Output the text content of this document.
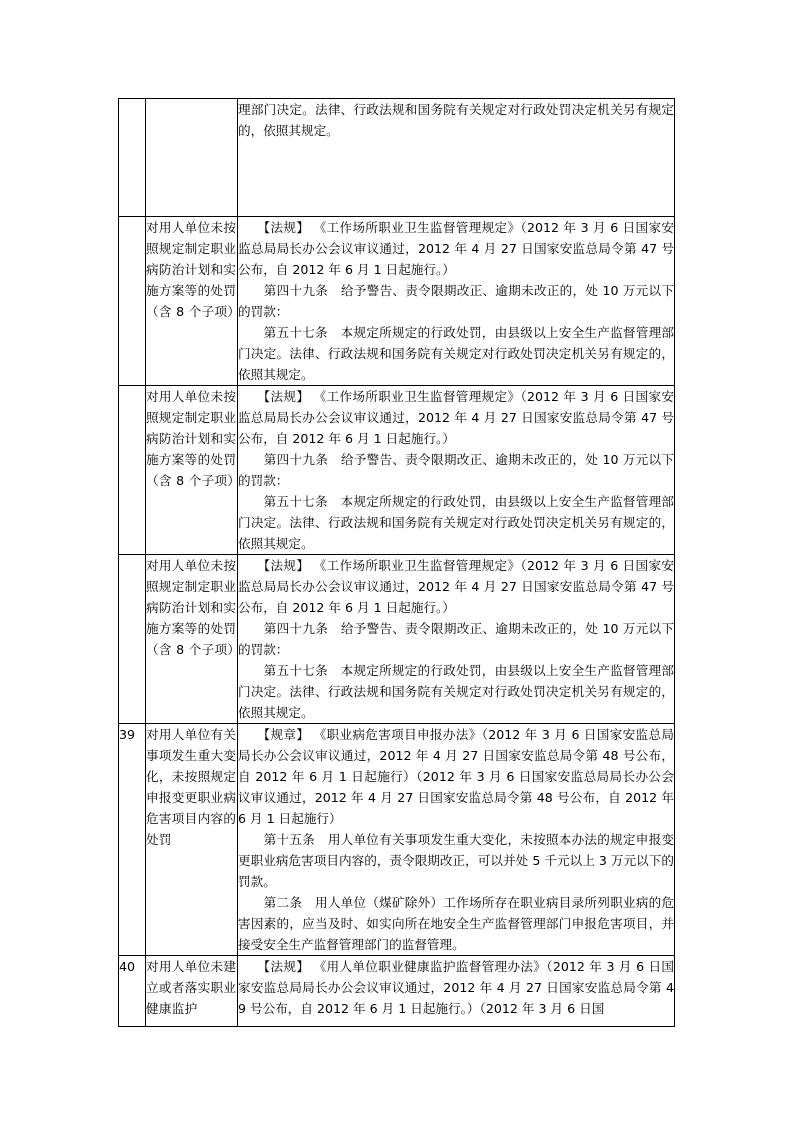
		理部门决定。法律、行政法规和国务院有关规定对行政处罚决定机关另有规定的，依照其规定。

	对用人单位未按照规定制定职业病防治计划和实施方案等的处罚（含 8 个子项）	　　【法规】 《工作场所职业卫生监督管理规定》（2012 年 3 月 6 日国家安监总局局长办公会议审议通过，2012 年 4 月 27 日国家安监总局令第 47 号公布，自 2012 年 6 月 1 日起施行。）
　　第四十九条　给予警告、责令限期改正、逾期未改正的，处 10 万元以下的罚款：
　　第五十七条　本规定所规定的行政处罚，由县级以上安全生产监督管理部门决定。法律、行政法规和国务院有关规定对行政处罚决定机关另有规定的，依照其规定。

	对用人单位未按照规定制定职业病防治计划和实施方案等的处罚（含 8 个子项）	　　【法规】 《工作场所职业卫生监督管理规定》（2012 年 3 月 6 日国家安监总局局长办公会议审议通过，2012 年 4 月 27 日国家安监总局令第 47 号公布，自 2012 年 6 月 1 日起施行。）
　　第四十九条　给予警告、责令限期改正、逾期未改正的，处 10 万元以下的罚款：
　　第五十七条　本规定所规定的行政处罚，由县级以上安全生产监督管理部门决定。法律、行政法规和国务院有关规定对行政处罚决定机关另有规定的，依照其规定。

	对用人单位未按照规定制定职业病防治计划和实施方案等的处罚（含 8 个子项）	　　【法规】 《工作场所职业卫生监督管理规定》（2012 年 3 月 6 日国家安监总局局长办公会议审议通过，2012 年 4 月 27 日国家安监总局令第 47 号公布，自 2012 年 6 月 1 日起施行。）
　　第四十九条　给予警告、责令限期改正、逾期未改正的，处 10 万元以下的罚款：
　　第五十七条　本规定所规定的行政处罚，由县级以上安全生产监督管理部门决定。法律、行政法规和国务院有关规定对行政处罚决定机关另有规定的，依照其规定。

39	对用人单位有关事项发生重大变化，未按照规定申报变更职业病危害项目内容的处罚	　　【规章】 《职业病危害项目申报办法》（2012 年 3 月 6 日国家安监总局局长办公会议审议通过，2012 年 4 月 27 日国家安监总局令第 48 号公布，自 2012 年 6 月 1 日起施行）（2012 年 3 月 6 日国家安监总局局长办公会议审议通过，2012 年 4 月 27 日国家安监总局令第 48 号公布，自 2012 年 6 月 1 日起施行）
　　第十五条　用人单位有关事项发生重大变化，未按照本办法的规定申报变更职业病危害项目内容的，责令限期改正，可以并处 5 千元以上 3 万元以下的罚款。
　　第二条　用人单位（煤矿除外）工作场所存在职业病目录所列职业病的危害因素的，应当及时、如实向所在地安全生产监督管理部门申报危害项目，并接受安全生产监督管理部门的监督管理。

40	对用人单位未建立或者落实职业健康监护	　　【法规】 《用人单位职业健康监护监督管理办法》（2012 年 3 月 6 日国家安监总局局长办公会议审议通过，2012 年 4 月 27 日国家安监总局令第 49 号公布，自 2012 年 6 月 1 日起施行。）（2012 年 3 月 6 日国
